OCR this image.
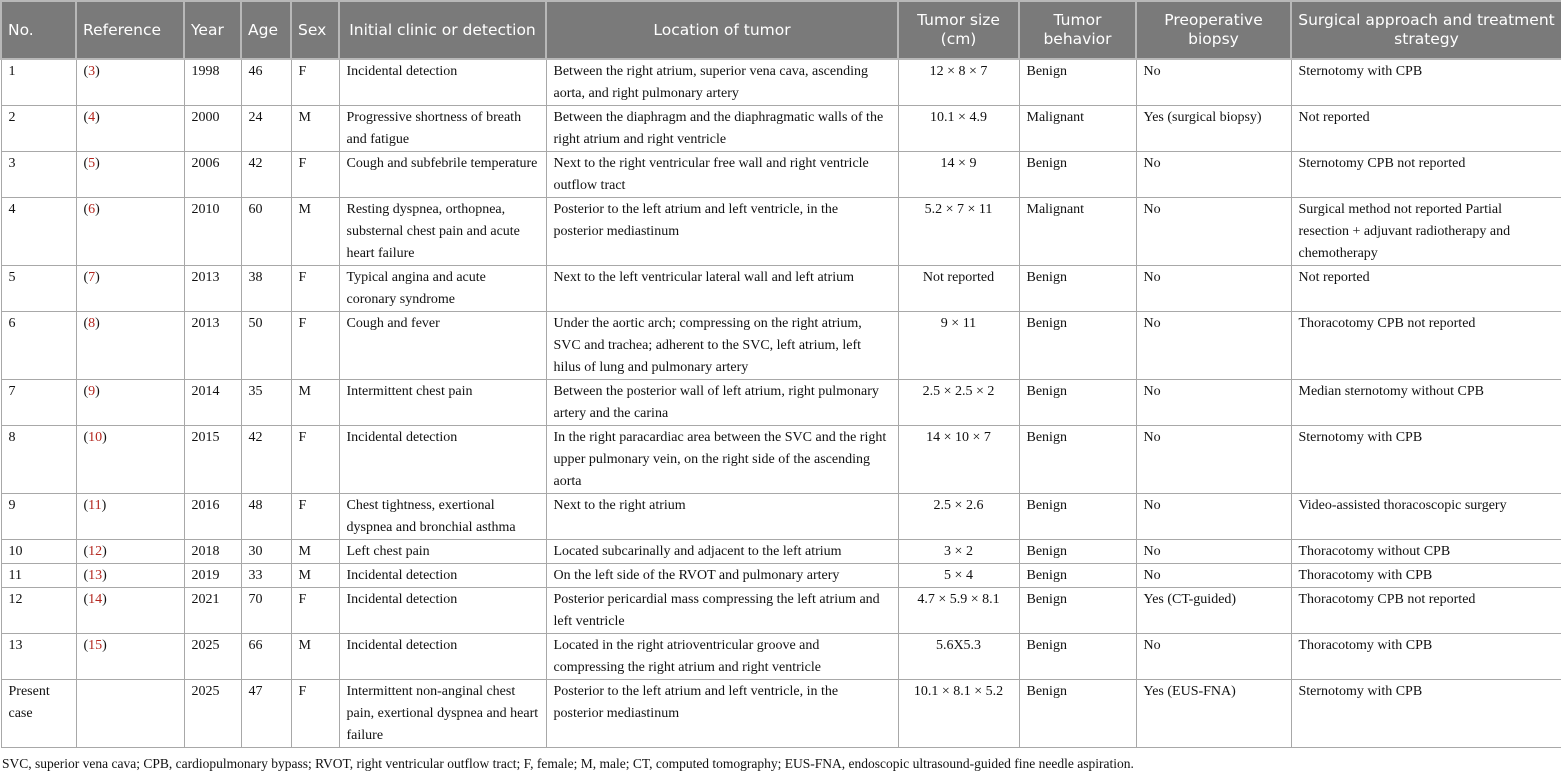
No.	Reference	Year	Age	Sex	Initial clinic or detection	Location of tumor	Tumor size (cm)	Tumor behavior	Preoperative biopsy	Surgical approach and treatment strategy
1	(3)	1998	46	F	Incidental detection	Between the right atrium, superior vena cava, ascending aorta, and right pulmonary artery	12 × 8 × 7	Benign	No	Sternotomy with CPB
2	(4)	2000	24	M	Progressive shortness of breath and fatigue	Between the diaphragm and the diaphragmatic walls of the right atrium and right ventricle	10.1 × 4.9	Malignant	Yes (surgical biopsy)	Not reported
3	(5)	2006	42	F	Cough and subfebrile temperature	Next to the right ventricular free wall and right ventricle outflow tract	14 × 9	Benign	No	Sternotomy CPB not reported
4	(6)	2010	60	M	Resting dyspnea, orthopnea, substernal chest pain and acute heart failure	Posterior to the left atrium and left ventricle, in the posterior mediastinum	5.2 × 7 × 11	Malignant	No	Surgical method not reported Partial resection + adjuvant radiotherapy and chemotherapy
5	(7)	2013	38	F	Typical angina and acute coronary syndrome	Next to the left ventricular lateral wall and left atrium	Not reported	Benign	No	Not reported
6	(8)	2013	50	F	Cough and fever	Under the aortic arch; compressing on the right atrium, SVC and trachea; adherent to the SVC, left atrium, left hilus of lung and pulmonary artery	9 × 11	Benign	No	Thoracotomy CPB not reported
7	(9)	2014	35	M	Intermittent chest pain	Between the posterior wall of left atrium, right pulmonary artery and the carina	2.5 × 2.5 × 2	Benign	No	Median sternotomy without CPB
8	(10)	2015	42	F	Incidental detection	In the right paracardiac area between the SVC and the right upper pulmonary vein, on the right side of the ascending aorta	14 × 10 × 7	Benign	No	Sternotomy with CPB
9	(11)	2016	48	F	Chest tightness, exertional dyspnea and bronchial asthma	Next to the right atrium	2.5 × 2.6	Benign	No	Video-assisted thoracoscopic surgery
10	(12)	2018	30	M	Left chest pain	Located subcarinally and adjacent to the left atrium	3 × 2	Benign	No	Thoracotomy without CPB
11	(13)	2019	33	M	Incidental detection	On the left side of the RVOT and pulmonary artery	5 × 4	Benign	No	Thoracotomy with CPB
12	(14)	2021	70	F	Incidental detection	Posterior pericardial mass compressing the left atrium and left ventricle	4.7 × 5.9 × 8.1	Benign	Yes (CT-guided)	Thoracotomy CPB not reported
13	(15)	2025	66	M	Incidental detection	Located in the right atrioventricular groove and compressing the right atrium and right ventricle	5.6X5.3	Benign	No	Thoracotomy with CPB
Present case		2025	47	F	Intermittent non-anginal chest pain, exertional dyspnea and heart failure	Posterior to the left atrium and left ventricle, in the posterior mediastinum	10.1 × 8.1 × 5.2	Benign	Yes (EUS-FNA)	Sternotomy with CPB
SVC, superior vena cava; CPB, cardiopulmonary bypass; RVOT, right ventricular outflow tract; F, female; M, male; CT, computed tomography; EUS-FNA, endoscopic ultrasound-guided fine needle aspiration.
